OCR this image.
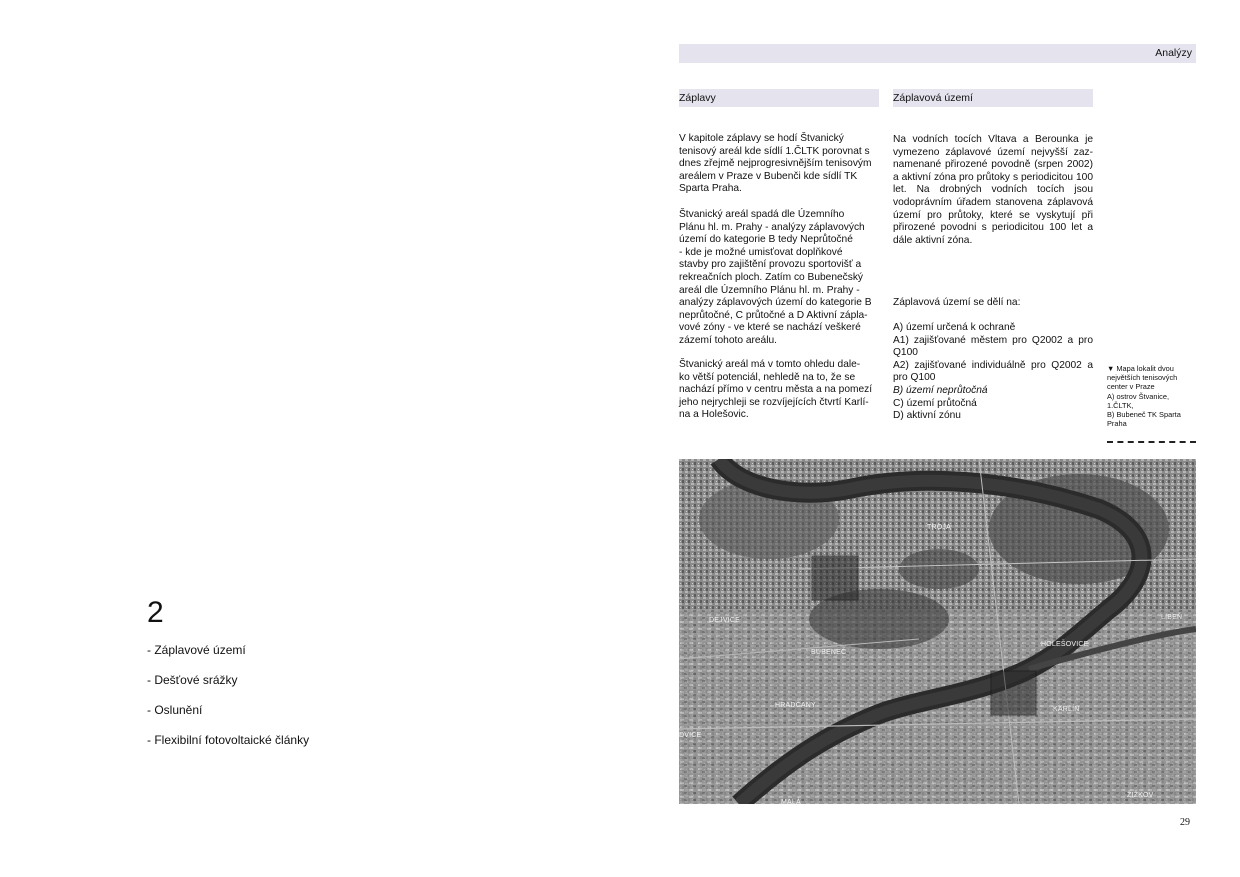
2
- Záplavové území
- Dešťové srážky
- Oslunění
- Flexibilní fotovoltaické články
Analýzy
Záplavy	Záplavová území
V kapitole záplavy se hodí Štvanický
tenisový areál kde sídlí 1.ČLTK porovnat s
dnes zřejmě nejprogresivnějším tenisovým
areálem v Praze v Bubenči kde sídlí TK
Sparta Praha.
Štvanický areál spadá dle Územního
Plánu hl. m. Prahy - analýzy záplavových
území do kategorie B tedy Neprůtočné
- kde je možné umisťovat doplňkové
stavby pro zajištění provozu sportovišť a
rekreačních ploch. Zatím co Bubenečský
areál dle Územního Plánu hl. m. Prahy -
analýzy záplavových území do kategorie B
neprůtočné, C průtočné a D Aktivní zápla-
vové zóny - ve které se nachází veškeré
zázemí tohoto areálu.
Štvanický areál má v tomto ohledu dale-
ko větší potenciál, nehledě na to, že se
nachází přímo v centru města a na pomezí
jeho nejrychleji se rozvíjejících čtvrtí Karlí-
na a Holešovic.
Na vodních tocích Vltava a Berounka je vymezeno záplavové území nejvyšší zaz-namenané přirozené povodně (srpen 2002) a aktivní zóna pro průtoky s periodicitou 100 let. Na drobných vodních tocích jsou vodoprávním úřadem stanovena záplavová území pro průtoky, které se vyskytují při přirozené povodni s periodicitou 100 let a dále aktivní zóna.
Záplavová území se dělí na:
A) území určená k ochraně
A1) zajišťované městem pro Q2002 a pro Q100
A2) zajišťované individuálně pro Q2002 a pro Q100
B) území neprůtočná
C) území průtočná
D) aktivní zónu
▼ Mapa lokalit dvou
největších tenisových
center v Praze
A) ostrov Štvanice,
1.ČLTK,
B) Bubeneč TK Sparta
Praha
TROJA
DEJVICE
BUBENEČ
HOLEŠOVICE
LIBEŇ
HRADČANY
KARLÍN
ŽIŽKOV
DVICE
MALÁ
29
